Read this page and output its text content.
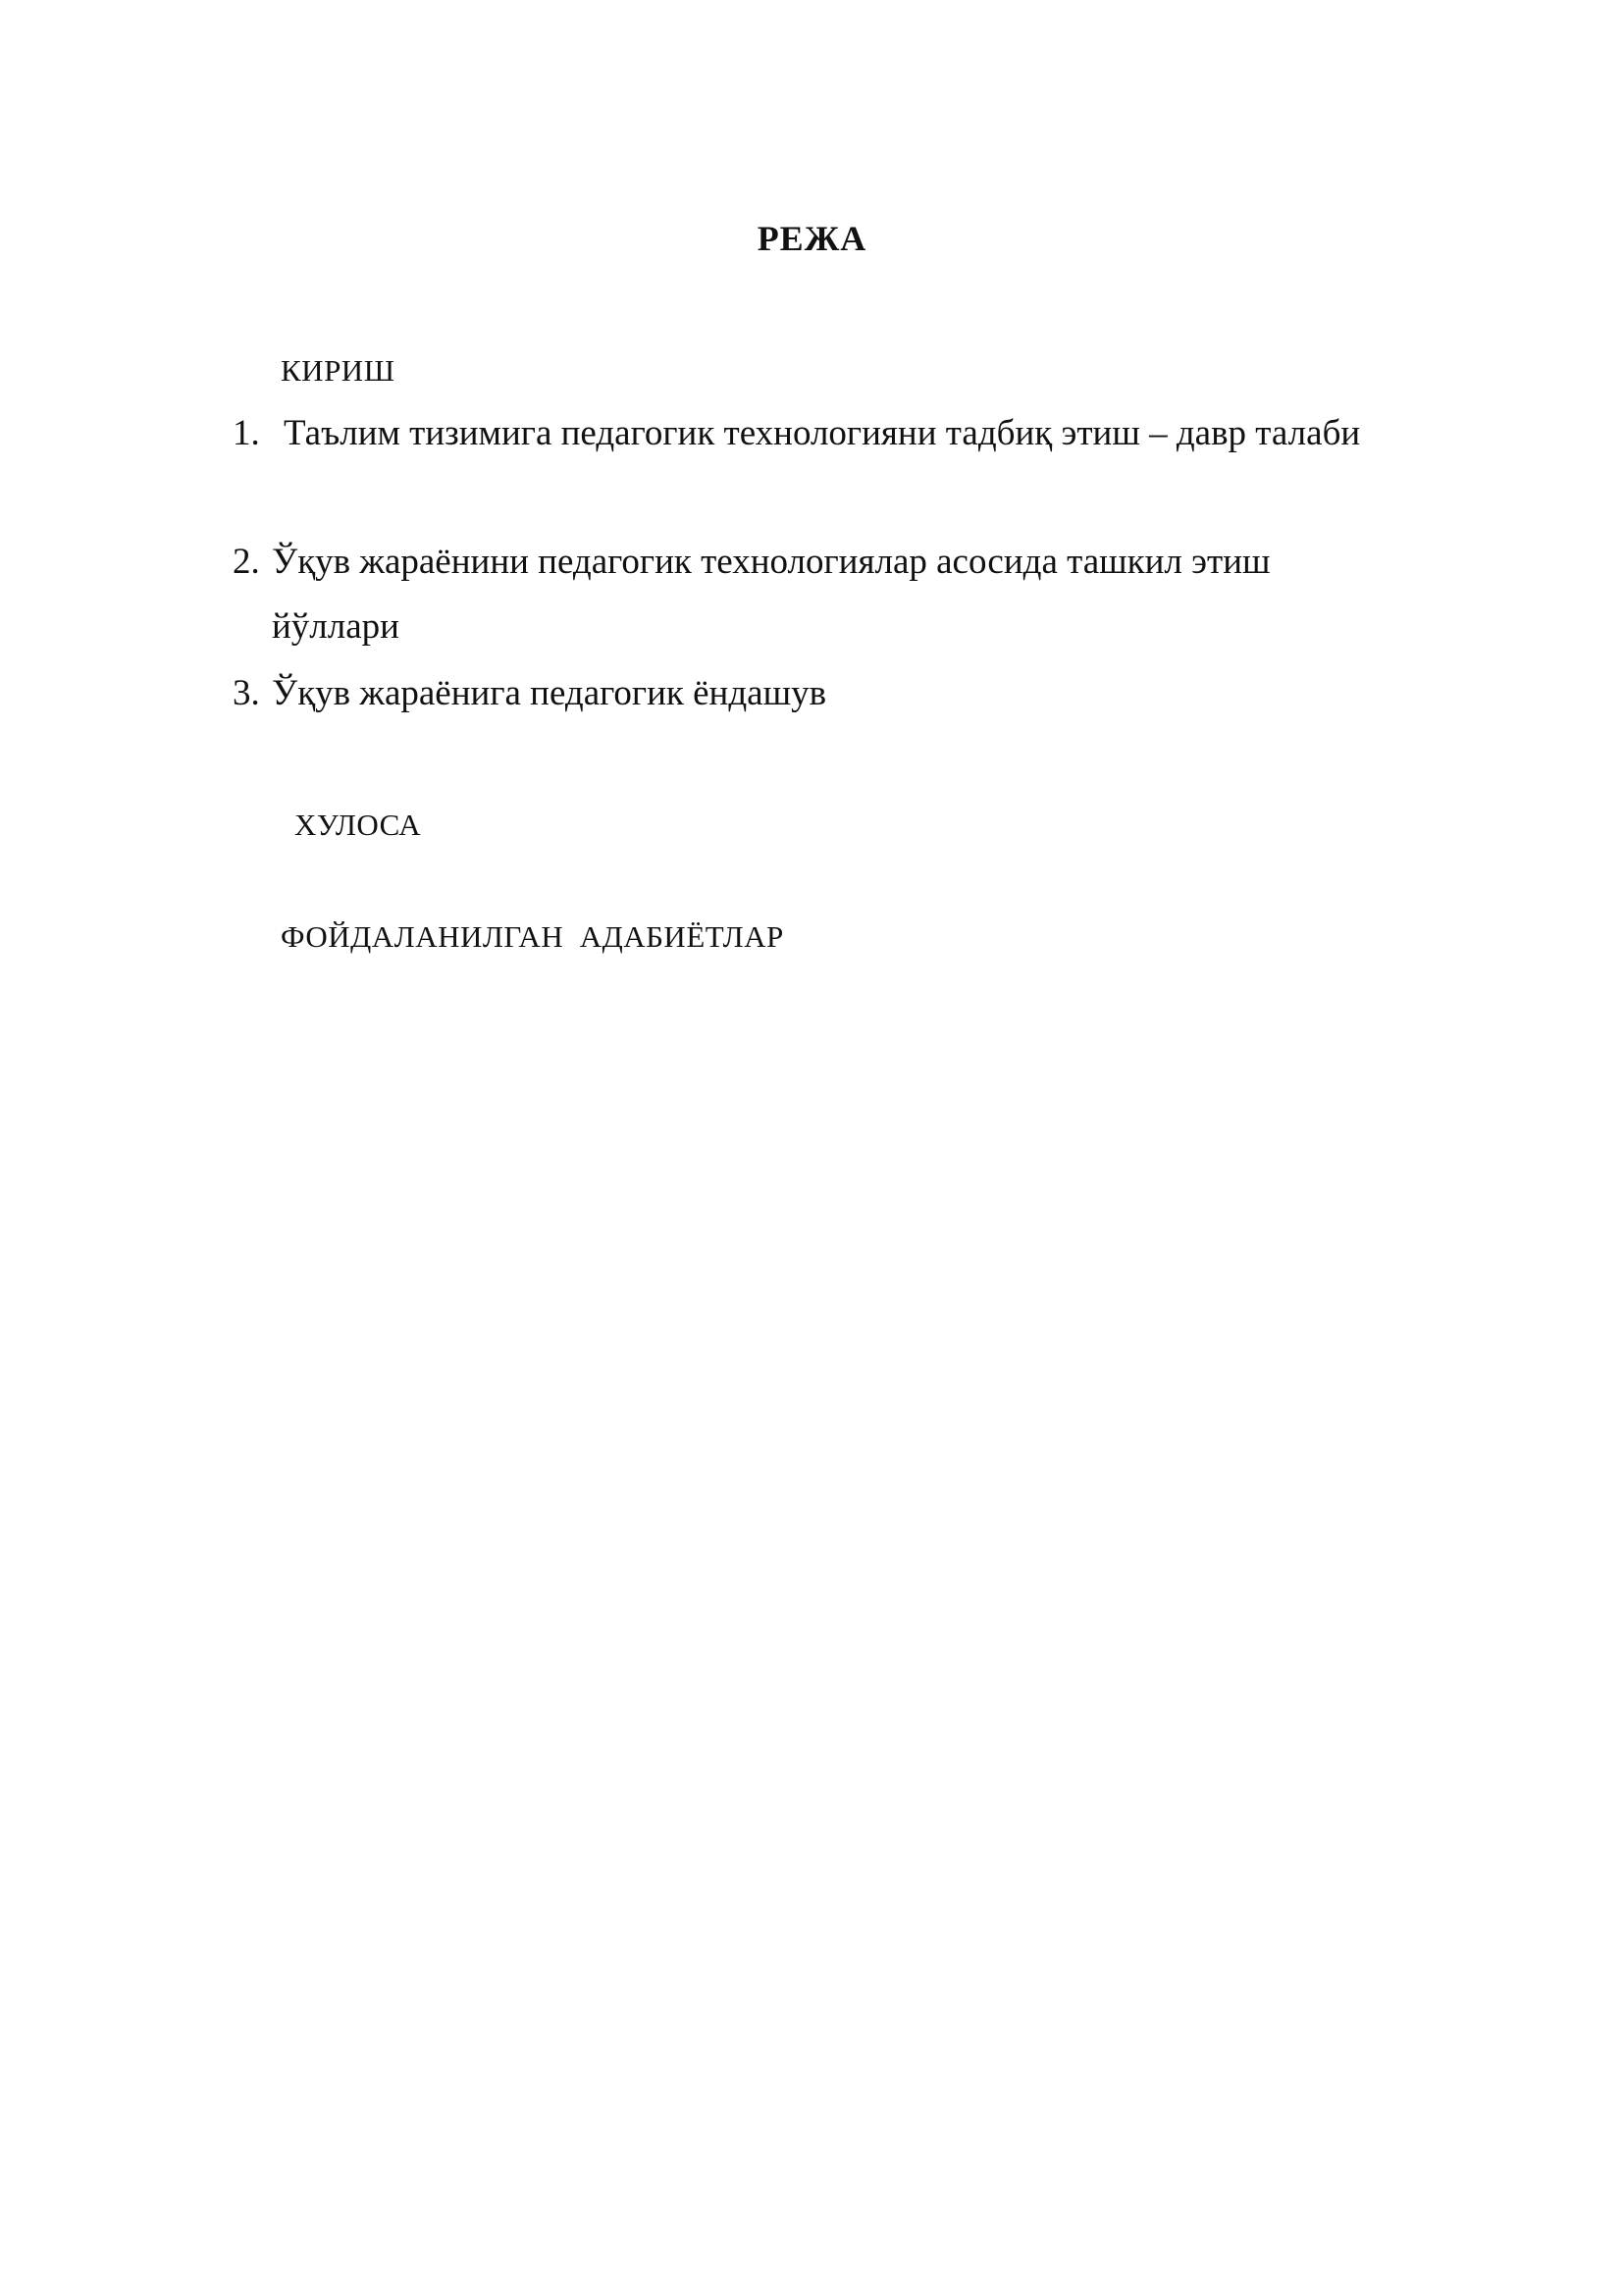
РЕЖА
КИРИШ
1. Таълим тизимига педагогик технологияни тадбиқ этиш – давр талаби
2. Ўқув жараёнини педагогик технологиялар асосида ташкил этиш
йўллари
3. Ўқув жараёнига педагогик ёндашув
ХУЛОСА
ФОЙДАЛАНИЛГАН  АДАБИЁТЛАР
